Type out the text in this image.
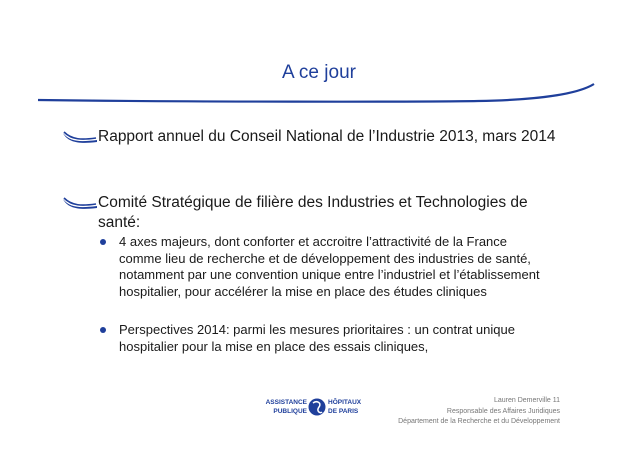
A ce jour
Rapport annuel du Conseil National de l’Industrie 2013, mars 2014
Comité Stratégique de filière des Industries et Technologies de santé:
4 axes majeurs, dont conforter et accroitre l’attractivité de la France comme lieu de recherche et de développement des industries de santé, notamment par une convention unique entre l’industriel et l’établissement hospitalier, pour accélérer la mise en place des études cliniques
Perspectives 2014: parmi les mesures prioritaires : un contrat unique hospitalier pour la mise en place des essais cliniques,
ASSISTANCE
PUBLIQUE
HÔPITAUX
DE PARIS
Lauren Demerville 11
Responsable des Affaires Juridiques
Département de la Recherche et du Développement
